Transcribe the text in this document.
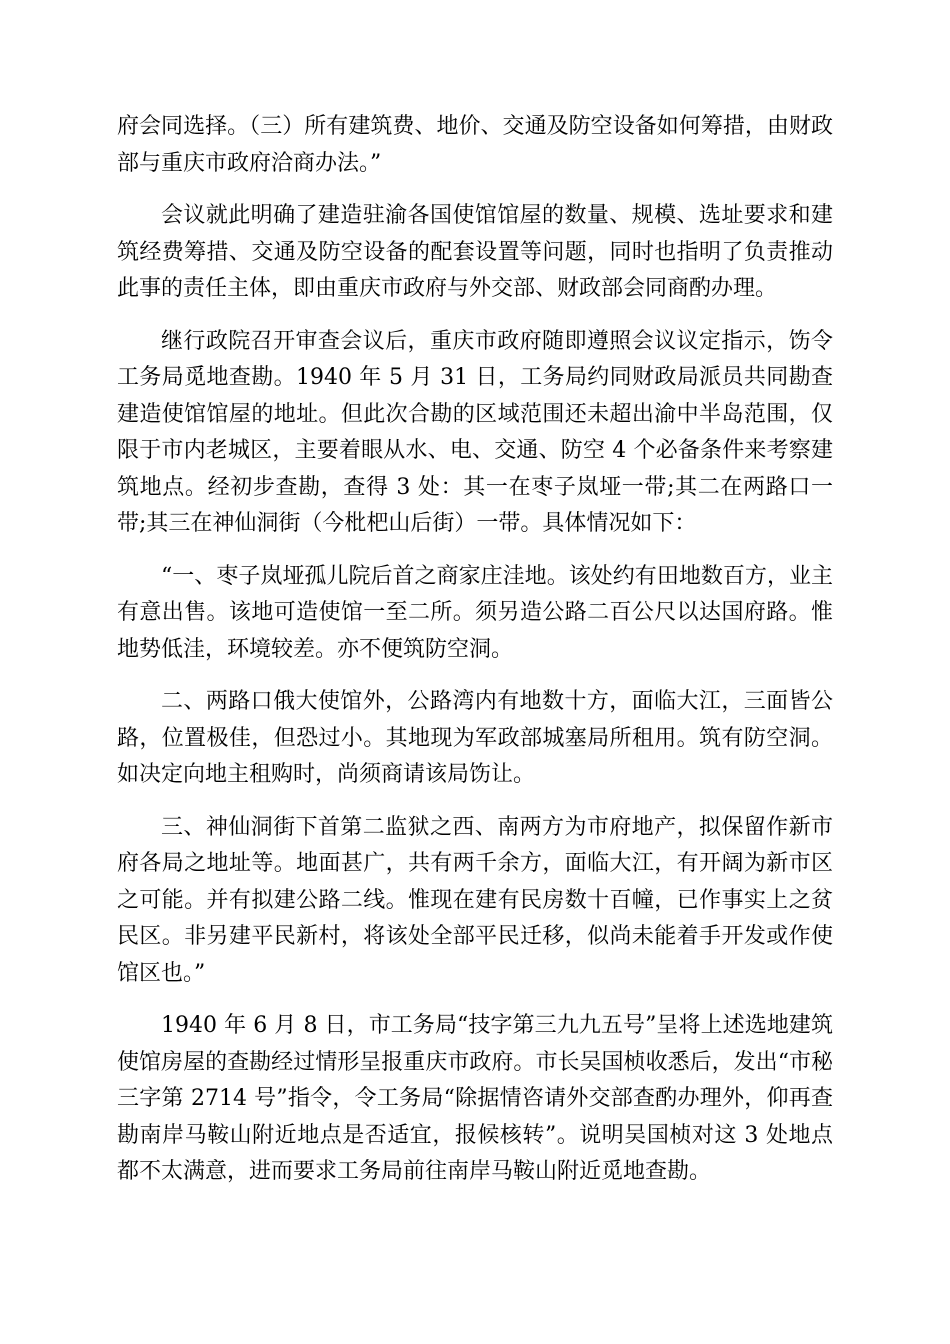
府会同选择。（三）所有建筑费、地价、交通及防空设备如何筹措，由财政部与重庆市政府洽商办法。”

会议就此明确了建造驻渝各国使馆馆屋的数量、规模、选址要求和建筑经费筹措、交通及防空设备的配套设置等问题，同时也指明了负责推动此事的责任主体，即由重庆市政府与外交部、财政部会同商酌办理。

继行政院召开审查会议后，重庆市政府随即遵照会议议定指示，饬令工务局觅地查勘。1940 年 5 月 31 日，工务局约同财政局派员共同勘查建造使馆馆屋的地址。但此次合勘的区域范围还未超出渝中半岛范围，仅限于市内老城区，主要着眼从水、电、交通、防空 4 个必备条件来考察建筑地点。经初步查勘，查得 3 处：其一在枣子岚垭一带;其二在两路口一带;其三在神仙洞街（今枇杷山后街）一带。具体情况如下：

“一、枣子岚垭孤儿院后首之商家庄洼地。该处约有田地数百方，业主有意出售。该地可造使馆一至二所。须另造公路二百公尺以达国府路。惟地势低洼，环境较差。亦不便筑防空洞。

二、两路口俄大使馆外，公路湾内有地数十方，面临大江，三面皆公路，位置极佳，但恐过小。其地现为军政部城塞局所租用。筑有防空洞。如决定向地主租购时，尚须商请该局饬让。

三、神仙洞街下首第二监狱之西、南两方为市府地产，拟保留作新市府各局之地址等。地面甚广，共有两千余方，面临大江，有开阔为新市区之可能。并有拟建公路二线。惟现在建有民房数十百幢，已作事实上之贫民区。非另建平民新村，将该处全部平民迁移，似尚未能着手开发或作使馆区也。”

1940 年 6 月 8 日，市工务局“技字第三九九五号”呈将上述选地建筑使馆房屋的查勘经过情形呈报重庆市政府。市长吴国桢收悉后，发出“市秘三字第 2714 号”指令，令工务局“除据情咨请外交部查酌办理外，仰再查勘南岸马鞍山附近地点是否适宜，报候核转”。说明吴国桢对这 3 处地点都不太满意，进而要求工务局前往南岸马鞍山附近觅地查勘。
